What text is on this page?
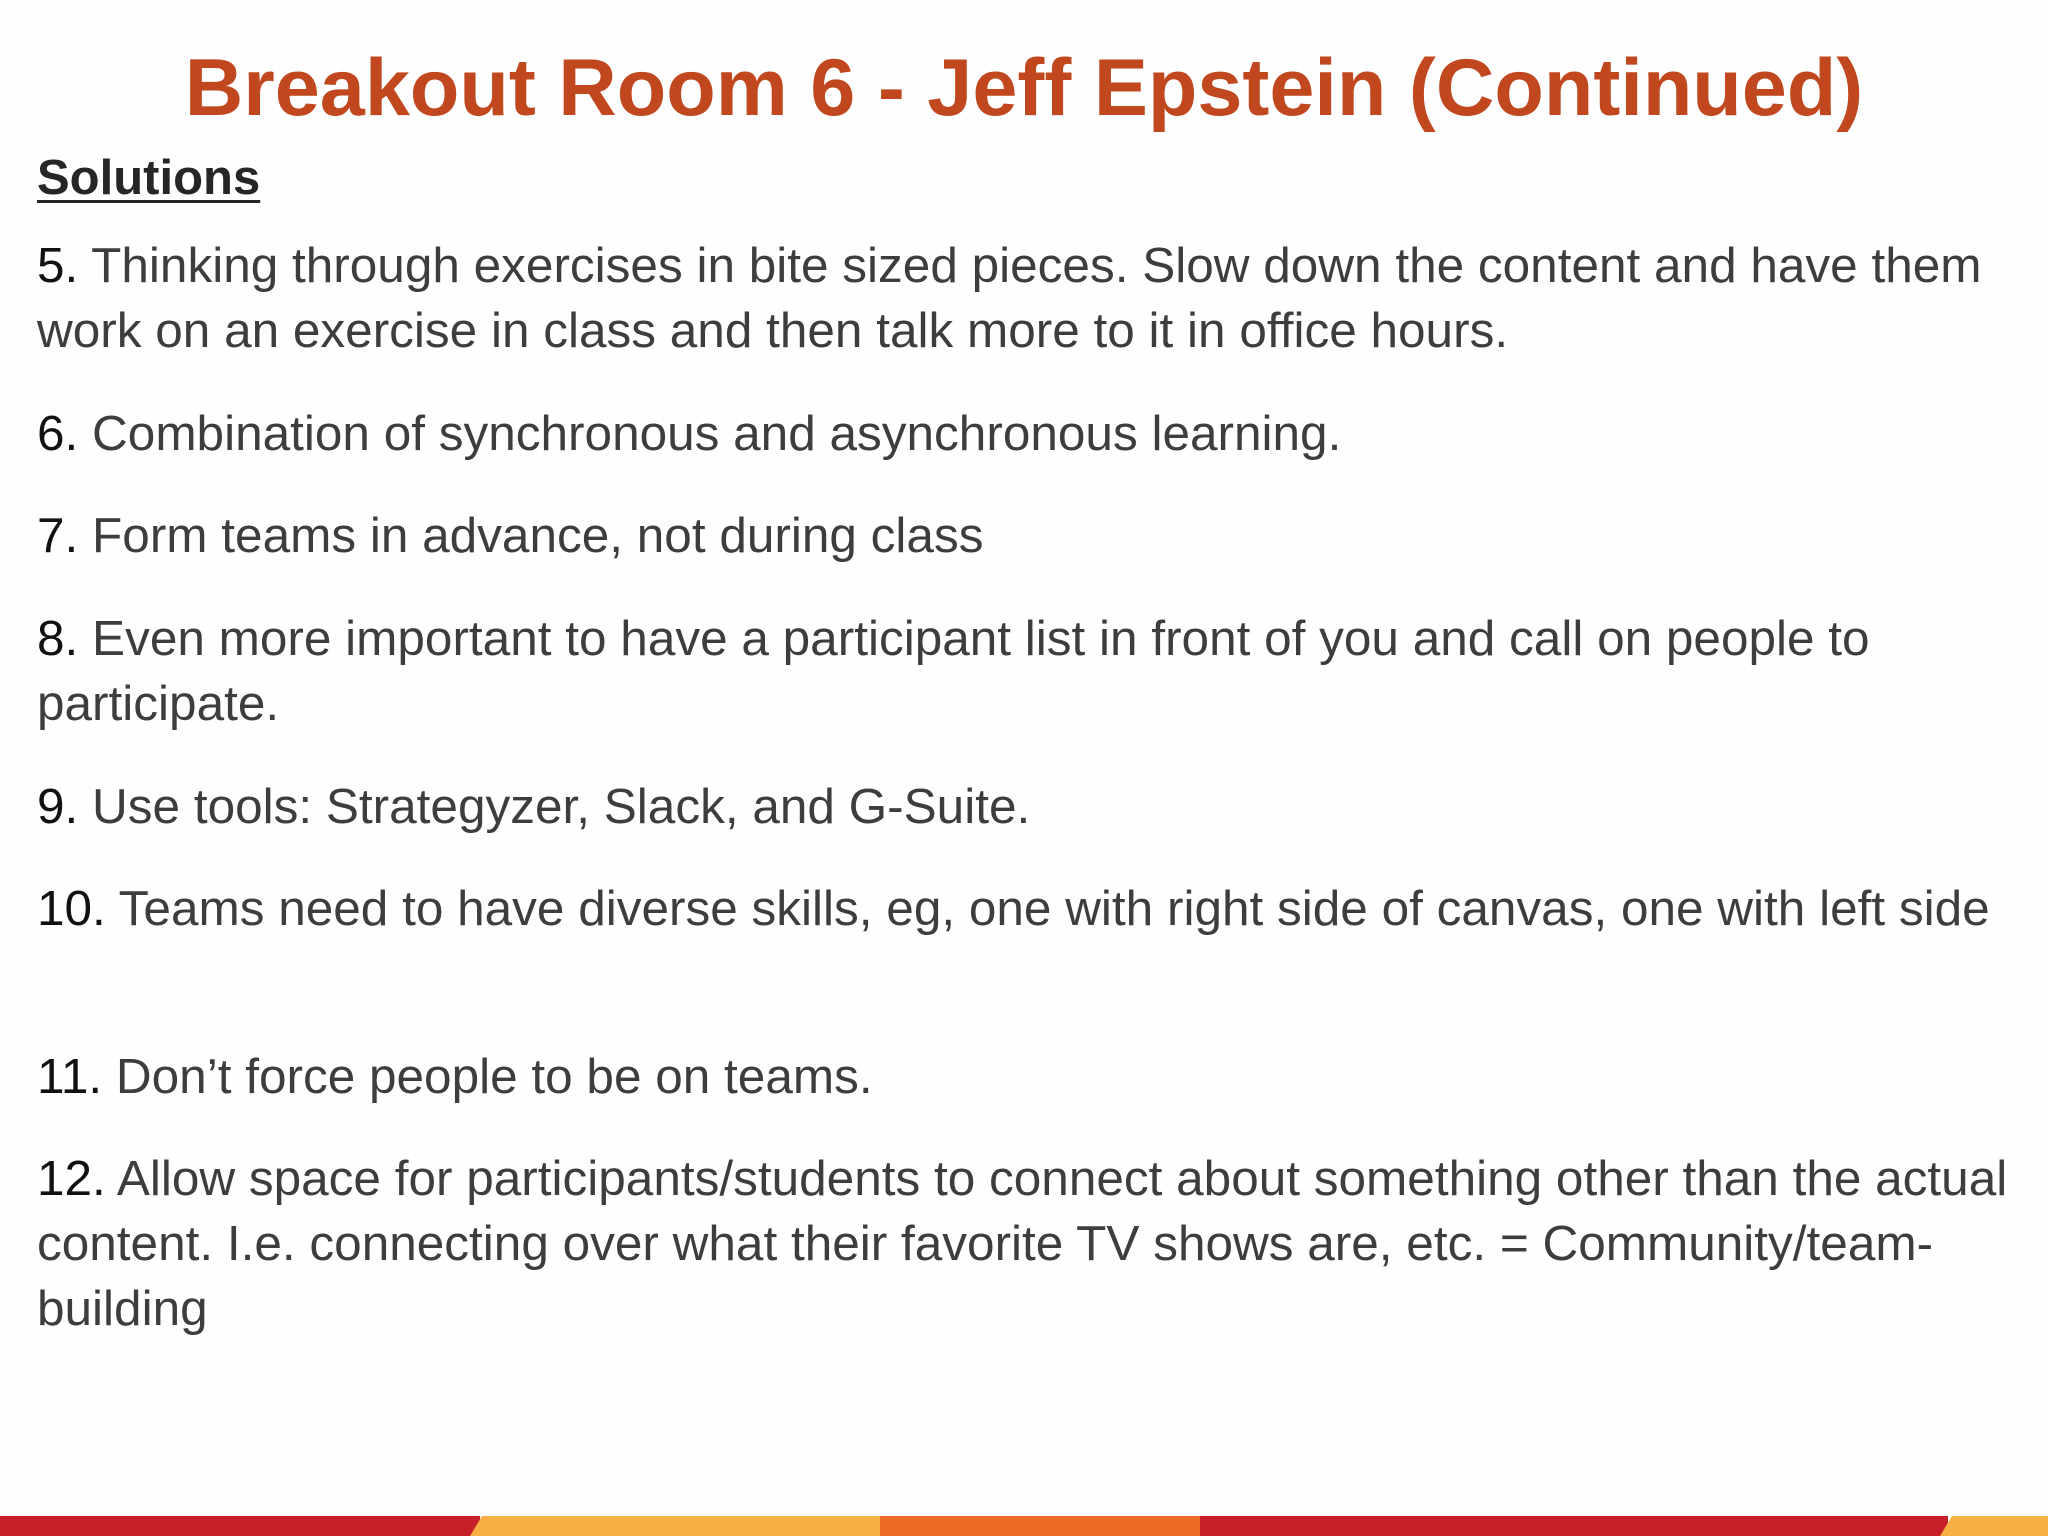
Breakout Room 6 - Jeff Epstein (Continued)
Solutions
5. Thinking through exercises in bite sized pieces. Slow down the content and have them work on an exercise in class and then talk more to it in office hours.
6. Combination of synchronous and asynchronous learning.
7. Form teams in advance, not during class
8. Even more important to have a participant list in front of you and call on people to participate.
9. Use tools: Strategyzer, Slack, and G-Suite.
10. Teams need to have diverse skills, eg, one with right side of canvas, one with left side
11. Don’t force people to be on teams.
12. Allow space for participants/students to connect about something other than the actual content. I.e. connecting over what their favorite TV shows are, etc. = Community/team-building
